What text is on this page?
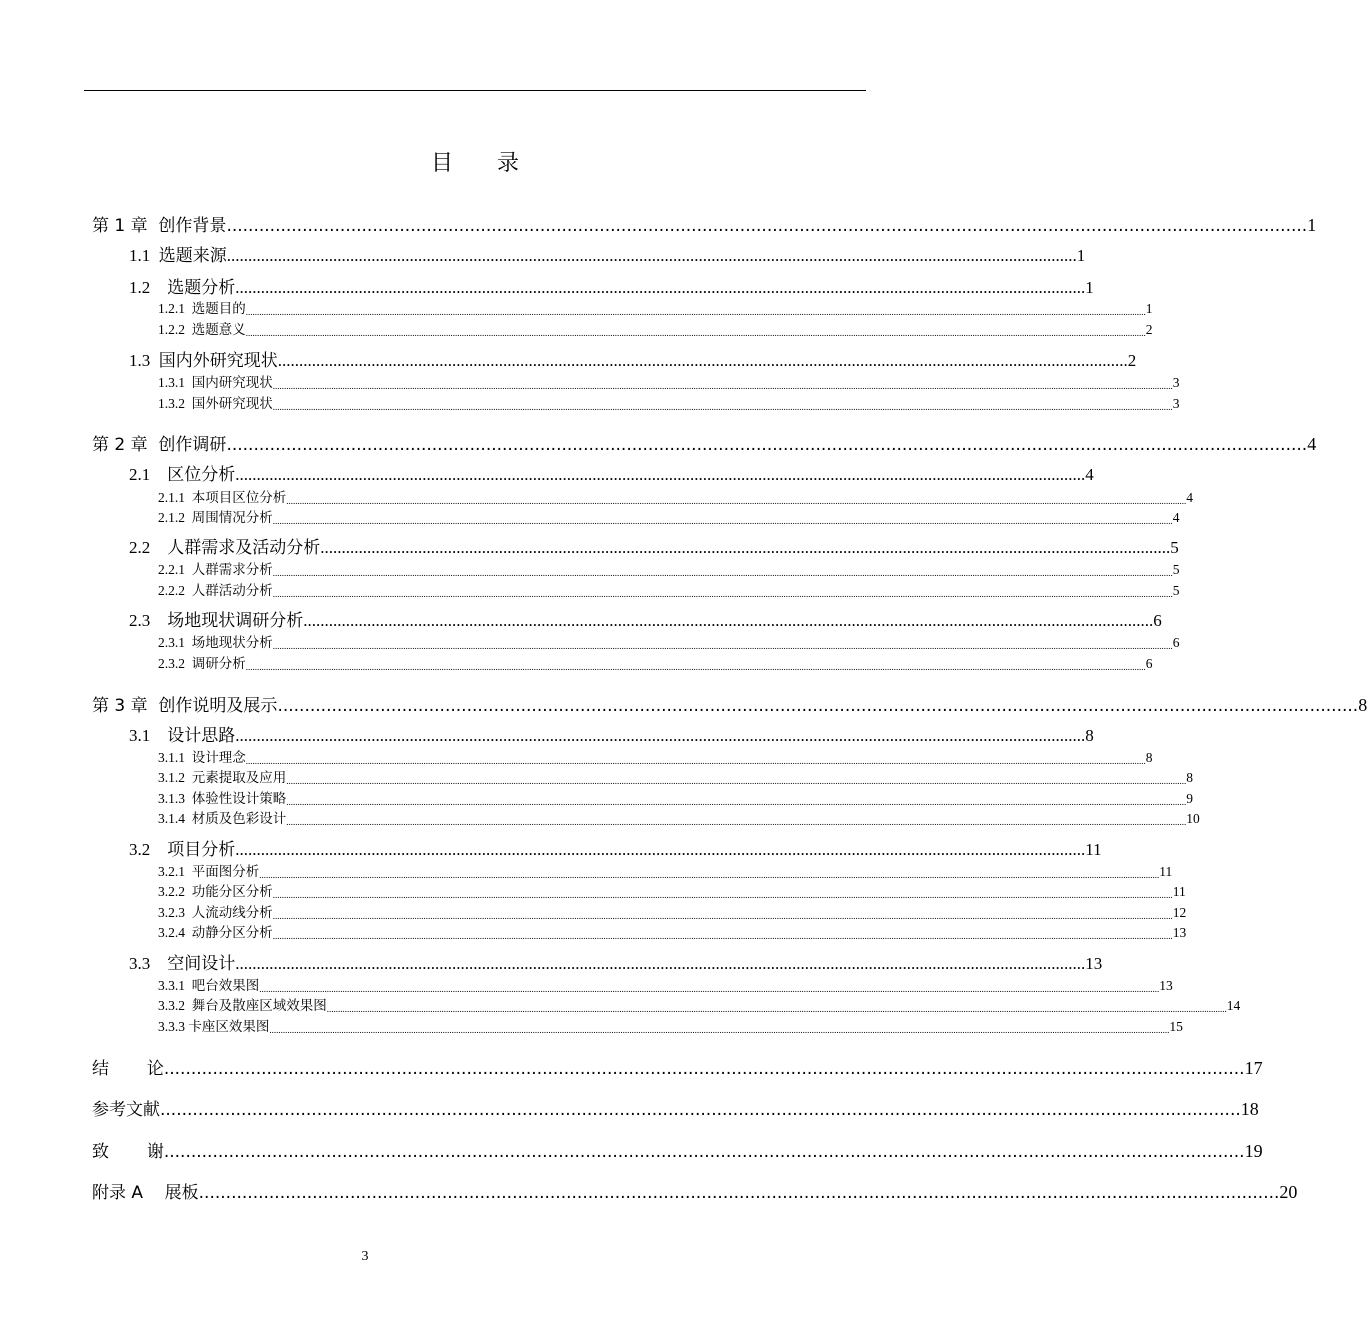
目 录
第 1 章  创作背景 ........................................................................................................................................................................................................ 1
1.1  选题来源 ........................................................................................................................................................................................................ 1
1.2    选题分析 ........................................................................................................................................................................................................ 1
1.2.1  选题目的 ................................................................................................................................................................................................................................................................................................................................................................................................................ 1
1.2.2  选题意义 ................................................................................................................................................................................................................................................................................................................................................................................................................ 2
1.3  国内外研究现状 ........................................................................................................................................................................................................ 2
1.3.1  国内研究现状 ................................................................................................................................................................................................................................................................................................................................................................................................................ 3
1.3.2  国外研究现状 ................................................................................................................................................................................................................................................................................................................................................................................................................ 3
第 2 章  创作调研 ........................................................................................................................................................................................................ 4
2.1    区位分析 ........................................................................................................................................................................................................ 4
2.1.1  本项目区位分析 ................................................................................................................................................................................................................................................................................................................................................................................................................ 4
2.1.2  周围情况分析 ................................................................................................................................................................................................................................................................................................................................................................................................................ 4
2.2    人群需求及活动分析 ........................................................................................................................................................................................................ 5
2.2.1  人群需求分析 ................................................................................................................................................................................................................................................................................................................................................................................................................ 5
2.2.2  人群活动分析 ................................................................................................................................................................................................................................................................................................................................................................................................................ 5
2.3    场地现状调研分析 ........................................................................................................................................................................................................ 6
2.3.1  场地现状分析 ................................................................................................................................................................................................................................................................................................................................................................................................................ 6
2.3.2  调研分析 ................................................................................................................................................................................................................................................................................................................................................................................................................ 6
第 3 章  创作说明及展示 ........................................................................................................................................................................................................ 8
3.1    设计思路 ........................................................................................................................................................................................................ 8
3.1.1  设计理念 ................................................................................................................................................................................................................................................................................................................................................................................................................ 8
3.1.2  元素提取及应用 ................................................................................................................................................................................................................................................................................................................................................................................................................ 8
3.1.3  体验性设计策略 ................................................................................................................................................................................................................................................................................................................................................................................................................ 9
3.1.4  材质及色彩设计 ................................................................................................................................................................................................................................................................................................................................................................................................................ 10
3.2    项目分析 ........................................................................................................................................................................................................ 11
3.2.1  平面图分析 ................................................................................................................................................................................................................................................................................................................................................................................................................ 11
3.2.2  功能分区分析 ................................................................................................................................................................................................................................................................................................................................................................................................................ 11
3.2.3  人流动线分析 ................................................................................................................................................................................................................................................................................................................................................................................................................ 12
3.2.4  动静分区分析 ................................................................................................................................................................................................................................................................................................................................................................................................................ 13
3.3    空间设计 ........................................................................................................................................................................................................ 13
3.3.1  吧台效果图 ................................................................................................................................................................................................................................................................................................................................................................................................................ 13
3.3.2  舞台及散座区域效果图 ................................................................................................................................................................................................................................................................................................................................................................................................................ 14
3.3.3 卡座区效果图 ................................................................................................................................................................................................................................................................................................................................................................................................................ 15
结       论 ........................................................................................................................................................................................................ 17
参考文献 ........................................................................................................................................................................................................ 18
致       谢 ........................................................................................................................................................................................................ 19
附录 A    展板 ........................................................................................................................................................................................................ 20
3
